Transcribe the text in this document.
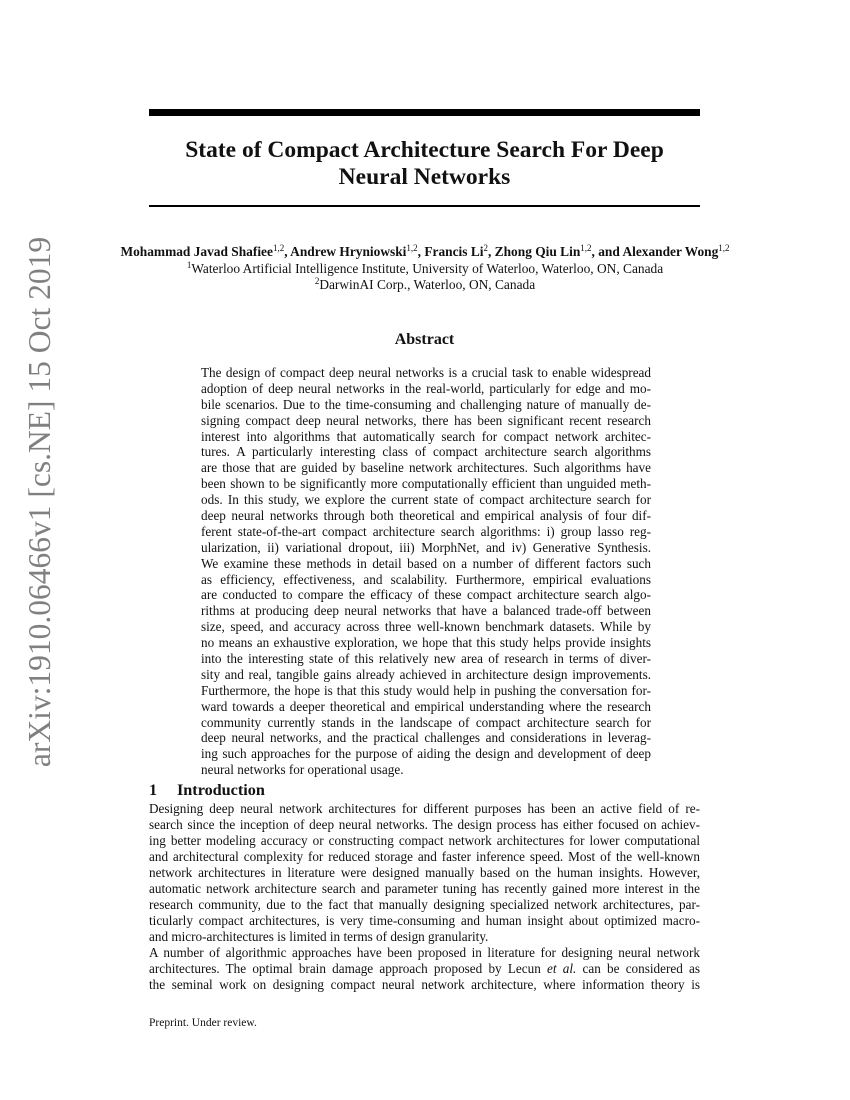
arXiv:1910.06466v1 [cs.NE] 15 Oct 2019
State of Compact Architecture Search For Deep
Neural Networks
Mohammad Javad Shafiee$^{1,2}$, Andrew Hryniowski$^{1,2}$, Francis Li$^2$, Zhong Qiu Lin$^{1,2}$, and Alexander Wong$^{1,2}$
$^1$Waterloo Artificial Intelligence Institute, University of Waterloo, Waterloo, ON, Canada
$^2$DarwinAI Corp., Waterloo, ON, Canada
Abstract
The design of compact deep neural networks is a crucial task to enable widespread
adoption of deep neural networks in the real-world, particularly for edge and mo-
bile scenarios. Due to the time-consuming and challenging nature of manually de-
signing compact deep neural networks, there has been significant recent research
interest into algorithms that automatically search for compact network architec-
tures. A particularly interesting class of compact architecture search algorithms
are those that are guided by baseline network architectures. Such algorithms have
been shown to be significantly more computationally efficient than unguided meth-
ods. In this study, we explore the current state of compact architecture search for
deep neural networks through both theoretical and empirical analysis of four dif-
ferent state-of-the-art compact architecture search algorithms: i) group lasso reg-
ularization, ii) variational dropout, iii) MorphNet, and iv) Generative Synthesis.
We examine these methods in detail based on a number of different factors such
as efficiency, effectiveness, and scalability. Furthermore, empirical evaluations
are conducted to compare the efficacy of these compact architecture search algo-
rithms at producing deep neural networks that have a balanced trade-off between
size, speed, and accuracy across three well-known benchmark datasets. While by
no means an exhaustive exploration, we hope that this study helps provide insights
into the interesting state of this relatively new area of research in terms of diver-
sity and real, tangible gains already achieved in architecture design improvements.
Furthermore, the hope is that this study would help in pushing the conversation for-
ward towards a deeper theoretical and empirical understanding where the research
community currently stands in the landscape of compact architecture search for
deep neural networks, and the practical challenges and considerations in leverag-
ing such approaches for the purpose of aiding the design and development of deep
neural networks for operational usage.
1 Introduction
Designing deep neural network architectures for different purposes has been an active field of re-
search since the inception of deep neural networks. The design process has either focused on achiev-
ing better modeling accuracy or constructing compact network architectures for lower computational
and architectural complexity for reduced storage and faster inference speed. Most of the well-known
network architectures in literature were designed manually based on the human insights. However,
automatic network architecture search and parameter tuning has recently gained more interest in the
research community, due to the fact that manually designing specialized network architectures, par-
ticularly compact architectures, is very time-consuming and human insight about optimized macro-
and micro-architectures is limited in terms of design granularity.
A number of algorithmic approaches have been proposed in literature for designing neural network
architectures. The optimal brain damage approach proposed by Lecun et al. can be considered as
the seminal work on designing compact neural network architecture, where information theory is
Preprint. Under review.
